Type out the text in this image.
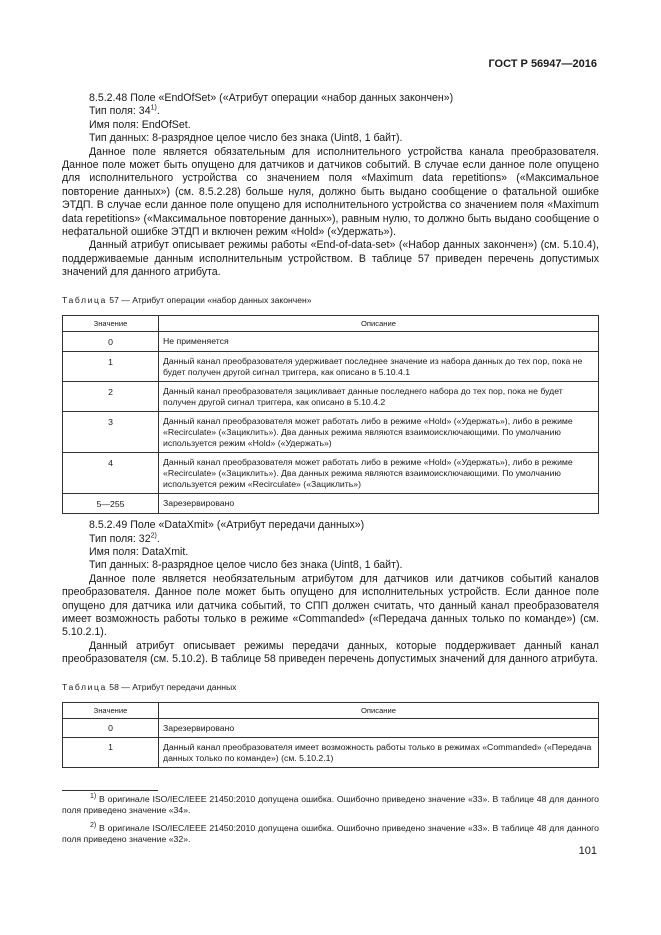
ГОСТ Р 56947—2016

8.5.2.48 Поле «EndOfSet» («Атрибут операции «набор данных закончен»)

Тип поля: 34$^{1)}$.

Имя поля: EndOfSet.

Тип данных: 8-разрядное целое число без знака (Uint8, 1 байт).

Данное поле является обязательным для исполнительного устройства канала преобразователя. Данное поле может быть опущено для датчиков и датчиков событий. В случае если данное поле опущено для исполнительного устройства со значением поля «Maximum data repetitions» («Максимальное повторение данных») (см. 8.5.2.28) больше нуля, должно быть выдано сообщение о фатальной ошибке ЭТДП. В случае если данное поле опущено для исполнительного устройства со значением поля «Maximum data repetitions» («Максимальное повторение данных»), равным нулю, то должно быть выдано сообщение о нефатальной ошибке ЭТДП и включен режим «Hold» («Удержать»).

Данный атрибут описывает режимы работы «End-of-data-set» («Набор данных закончен») (см. 5.10.4), поддерживаемые данным исполнительным устройством. В таблице 57 приведен перечень допустимых значений для данного атрибута.

Таблица 57 — Атрибут операции «набор данных закончен»

Значение	Описание
0	Не применяется
1	Данный канал преобразователя удерживает последнее значение из набора данных до тех пор, пока не будет получен другой сигнал триггера, как описано в 5.10.4.1
2	Данный канал преобразователя зацикливает данные последнего набора до тех пор, пока не будет получен другой сигнал триггера, как описано в 5.10.4.2
3	Данный канал преобразователя может работать либо в режиме «Hold» («Удержать»), либо в режиме «Recirculate» («Зациклить»). Два данных режима являются взаимоисключающими. По умолчанию используется режим «Hold» («Удержать»)
4	Данный канал преобразователя может работать либо в режиме «Hold» («Удержать»), либо в режиме «Recirculate» («Зациклить»). Два данных режима являются взаимоисключающими. По умолчанию используется режим «Recirculate» («Зациклить»)
5—255	Зарезервировано

8.5.2.49 Поле «DataXmit» («Атрибут передачи данных»)

Тип поля: 32$^{2)}$.

Имя поля: DataXmit.

Тип данных: 8-разрядное целое число без знака (Uint8, 1 байт).

Данное поле является необязательным атрибутом для датчиков или датчиков событий каналов преобразователя. Данное поле может быть опущено для исполнительных устройств. Если данное поле опущено для датчика или датчика событий, то СПП должен считать, что данный канал преобразователя имеет возможность работы только в режиме «Commanded» («Передача данных только по команде») (см. 5.10.2.1).

Данный атрибут описывает режимы передачи данных, которые поддерживает данный канал преобразователя (см. 5.10.2). В таблице 58 приведен перечень допустимых значений для данного атрибута.

Таблица 58 — Атрибут передачи данных

Значение	Описание
0	Зарезервировано
1	Данный канал преобразователя имеет возможность работы только в режимах «Commanded» («Передача данных только по команде») (см. 5.10.2.1)

$^{1)}$ В оригинале ISO/IEC/IEEE 21450:2010 допущена ошибка. Ошибочно приведено значение «33». В таблице 48 для данного поля приведено значение «34».

$^{2)}$ В оригинале ISO/IEC/IEEE 21450:2010 допущена ошибка. Ошибочно приведено значение «33». В таблице 48 для данного поля приведено значение «32».

101
